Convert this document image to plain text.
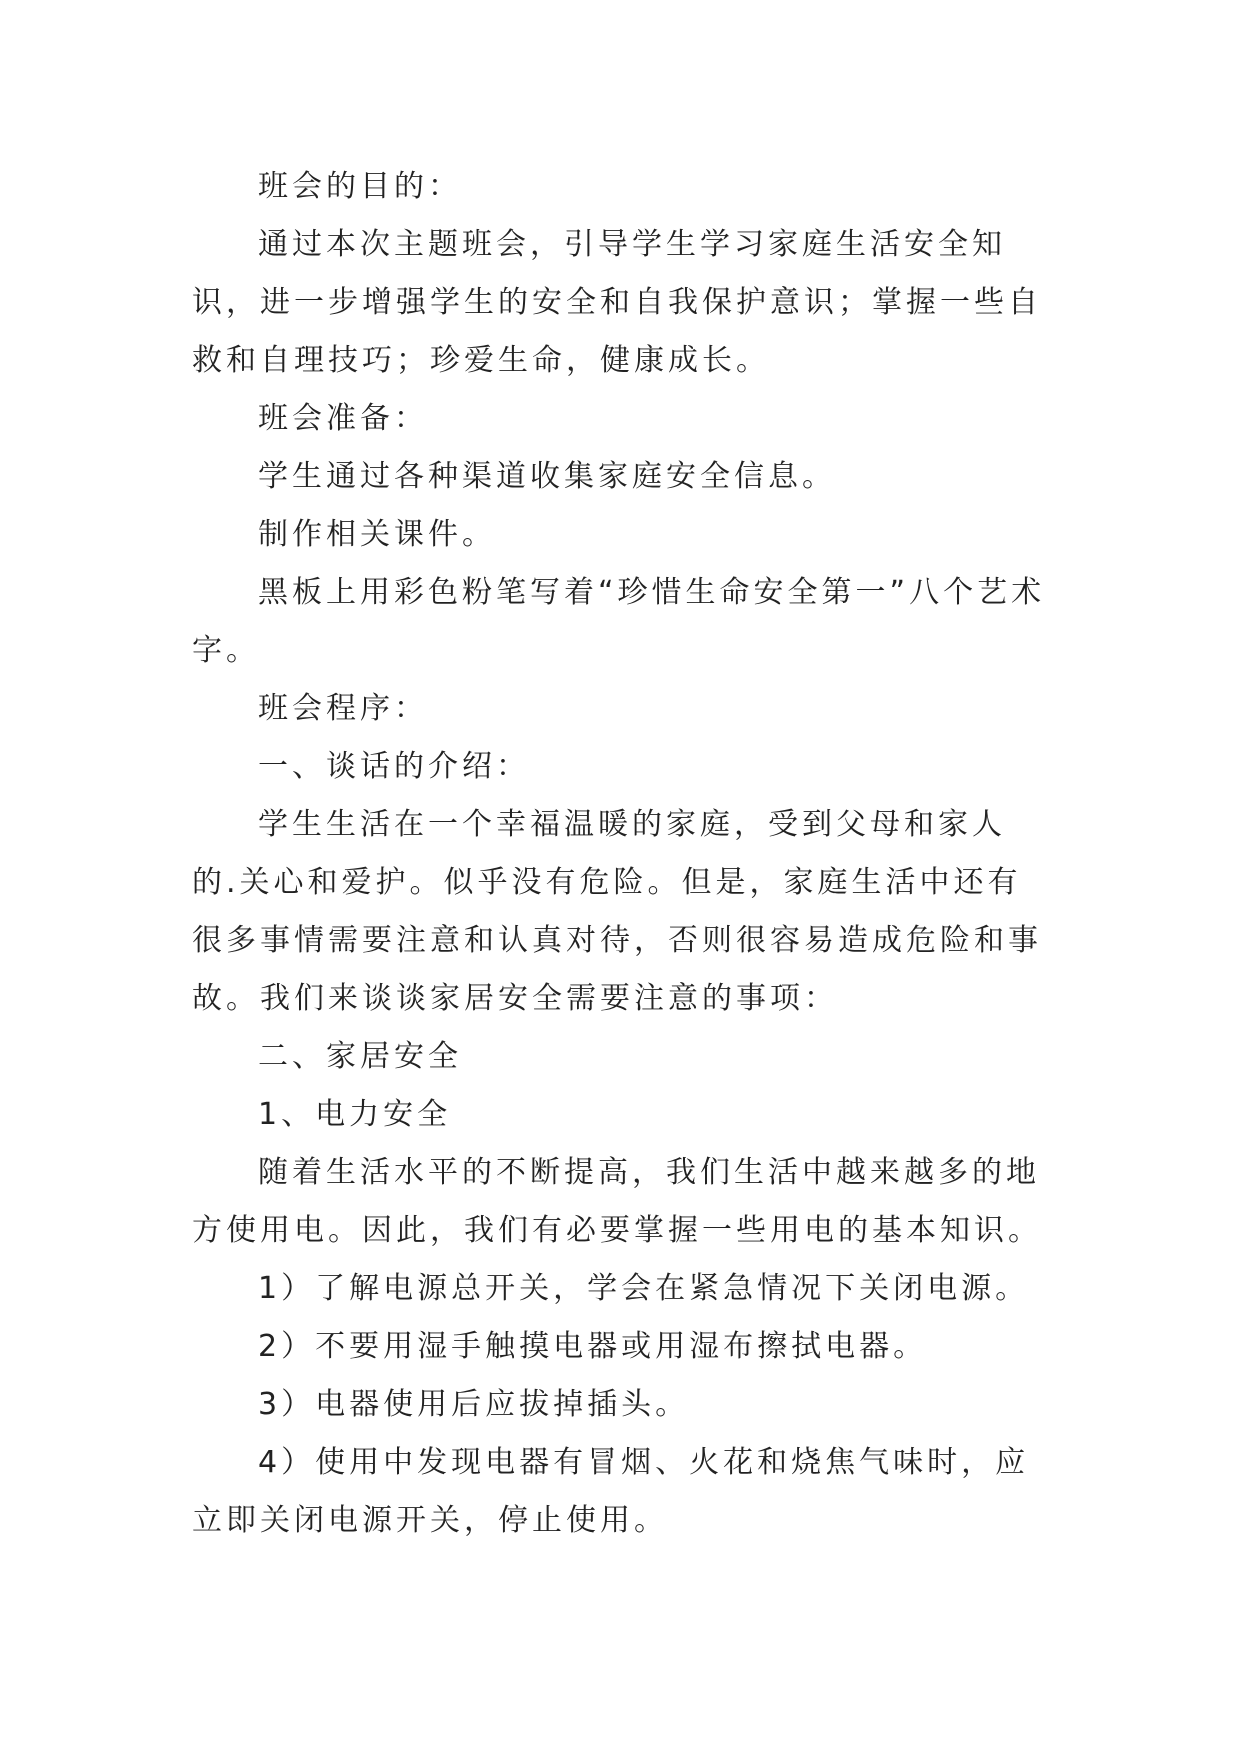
班会的目的：

通过本次主题班会，引导学生学习家庭生活安全知识，进一步增强学生的安全和自我保护意识；掌握一些自救和自理技巧；珍爱生命，健康成长。

班会准备：

学生通过各种渠道收集家庭安全信息。

制作相关课件。

黑板上用彩色粉笔写着“珍惜生命安全第一”八个艺术字。

班会程序：

一、谈话的介绍：

学生生活在一个幸福温暖的家庭，受到父母和家人的.关心和爱护。似乎没有危险。但是，家庭生活中还有很多事情需要注意和认真对待，否则很容易造成危险和事故。我们来谈谈家居安全需要注意的事项：

二、家居安全

1、电力安全

随着生活水平的不断提高，我们生活中越来越多的地方使用电。因此，我们有必要掌握一些用电的基本知识。

1）了解电源总开关，学会在紧急情况下关闭电源。

2）不要用湿手触摸电器或用湿布擦拭电器。

3）电器使用后应拔掉插头。

4）使用中发现电器有冒烟、火花和烧焦气味时，应立即关闭电源开关，停止使用。
